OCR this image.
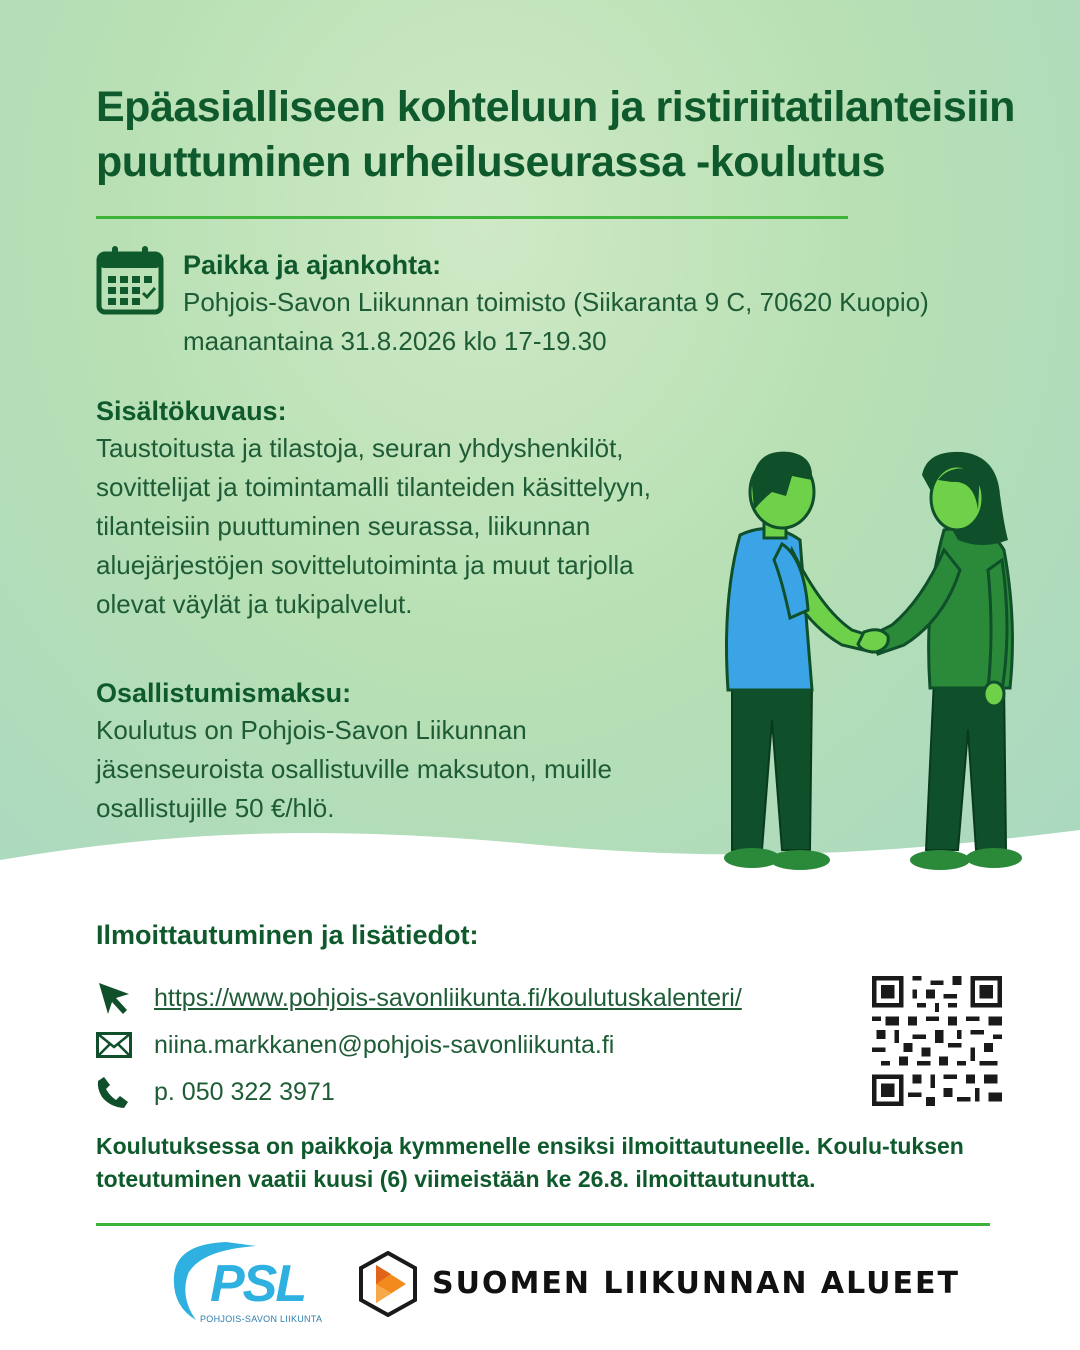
Epäasialliseen kohteluun ja ristiriitatilanteisiin
puuttuminen urheiluseurassa -koulutus
Paikka ja ajankohta:
Pohjois-Savon Liikunnan toimisto (Siikaranta 9 C, 70620 Kuopio)
maanantaina 31.8.2026 klo 17-19.30
Sisältökuvaus:
Taustoitusta ja tilastoja, seuran yhdyshenkilöt, sovittelijat ja toimintamalli tilanteiden käsittelyyn, tilanteisiin puuttuminen seurassa, liikunnan aluejärjestöjen sovittelutoiminta ja muut tarjolla olevat väylät ja tukipalvelut.
Osallistumismaksu:
Koulutus on Pohjois-Savon Liikunnan jäsenseuroista osallistuville maksuton, muille osallistujille 50 €/hlö.
Ilmoittautuminen ja lisätiedot:
https://www.pohjois-savonliikunta.fi/koulutuskalenteri/
niina.markkanen@pohjois-savonliikunta.fi
p. 050 322 3971
Koulutuksessa on paikkoja kymmenelle ensiksi ilmoittautuneelle. Koulu-tuksen toteutuminen vaatii kuusi (6) viimeistään ke 26.8. ilmoittautunutta.
PSL
POHJOIS-SAVON LIIKUNTA
SUOMEN LIIKUNNAN ALUEET
